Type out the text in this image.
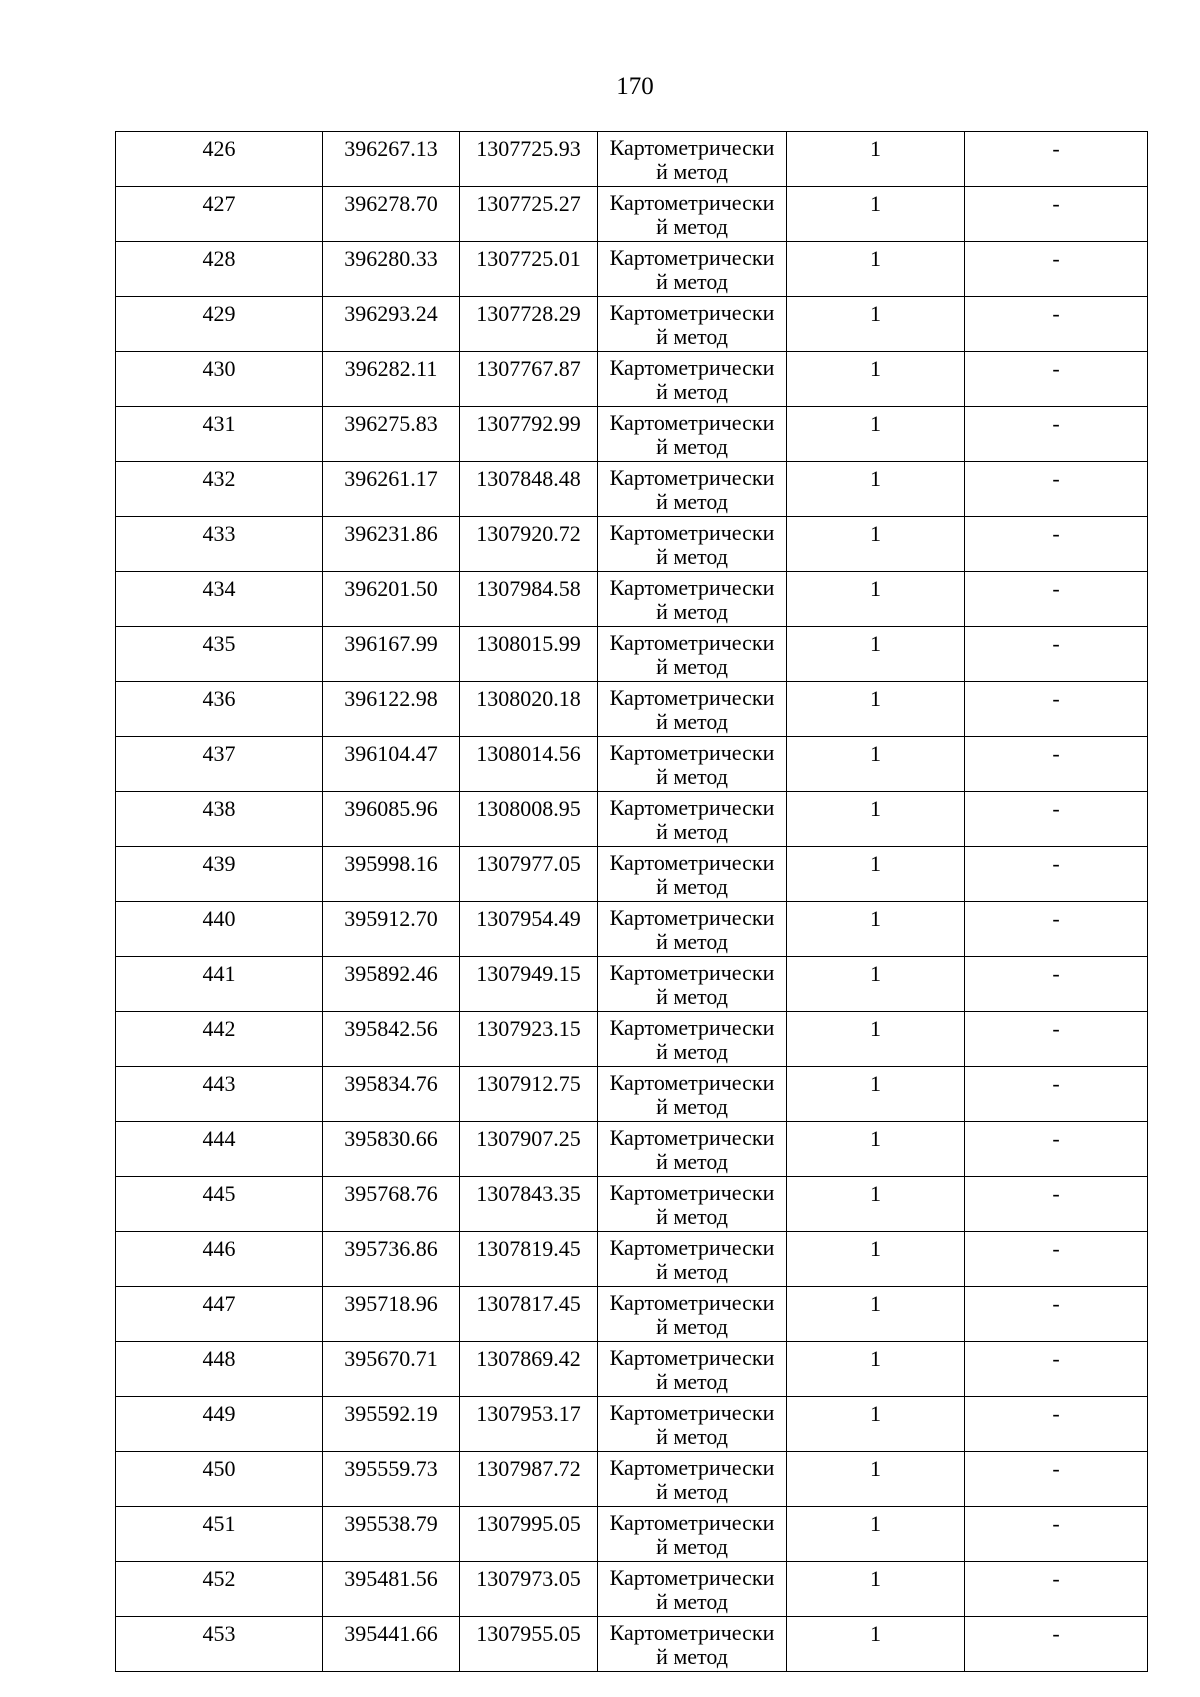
170
426	396267.13	1307725.93	Картометрически
й метод	1	-
427	396278.70	1307725.27	Картометрически
й метод	1	-
428	396280.33	1307725.01	Картометрически
й метод	1	-
429	396293.24	1307728.29	Картометрически
й метод	1	-
430	396282.11	1307767.87	Картометрически
й метод	1	-
431	396275.83	1307792.99	Картометрически
й метод	1	-
432	396261.17	1307848.48	Картометрически
й метод	1	-
433	396231.86	1307920.72	Картометрически
й метод	1	-
434	396201.50	1307984.58	Картометрически
й метод	1	-
435	396167.99	1308015.99	Картометрически
й метод	1	-
436	396122.98	1308020.18	Картометрически
й метод	1	-
437	396104.47	1308014.56	Картометрически
й метод	1	-
438	396085.96	1308008.95	Картометрически
й метод	1	-
439	395998.16	1307977.05	Картометрически
й метод	1	-
440	395912.70	1307954.49	Картометрически
й метод	1	-
441	395892.46	1307949.15	Картометрически
й метод	1	-
442	395842.56	1307923.15	Картометрически
й метод	1	-
443	395834.76	1307912.75	Картометрически
й метод	1	-
444	395830.66	1307907.25	Картометрически
й метод	1	-
445	395768.76	1307843.35	Картометрически
й метод	1	-
446	395736.86	1307819.45	Картометрически
й метод	1	-
447	395718.96	1307817.45	Картометрически
й метод	1	-
448	395670.71	1307869.42	Картометрически
й метод	1	-
449	395592.19	1307953.17	Картометрически
й метод	1	-
450	395559.73	1307987.72	Картометрически
й метод	1	-
451	395538.79	1307995.05	Картометрически
й метод	1	-
452	395481.56	1307973.05	Картометрически
й метод	1	-
453	395441.66	1307955.05	Картометрически
й метод	1	-
